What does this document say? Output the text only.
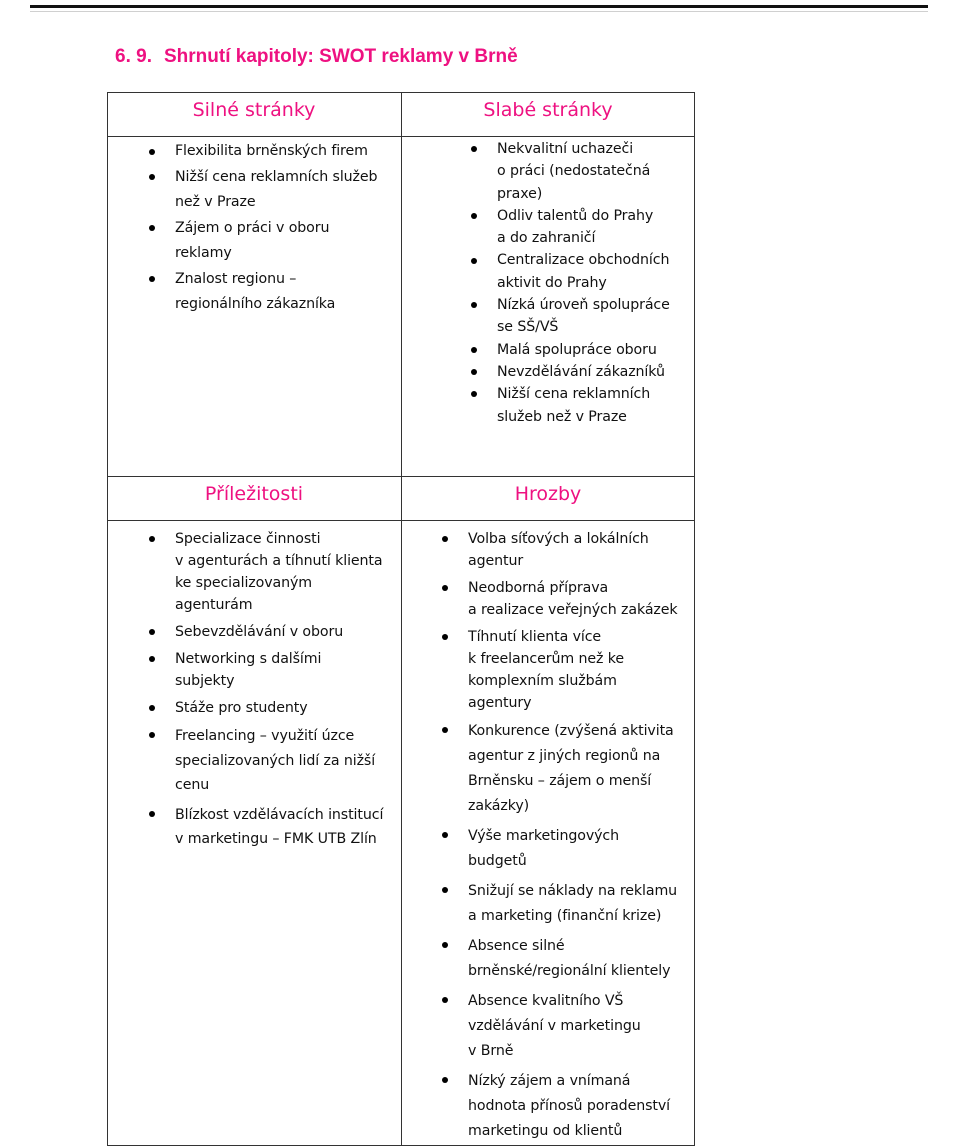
6. 9. Shrnutí kapitoly: SWOT reklamy v Brně
Silné stránky	Slabé stránky
Příležitosti	Hrozby
Flexibilita brněnských firem
Nižší cena reklamních služeb
než v Praze
Zájem o práci v oboru
reklamy
Znalost regionu –
regionálního zákazníka
Nekvalitní uchazeči
o práci (nedostatečná
praxe)
Odliv talentů do Prahy
a do zahraničí
Centralizace obchodních
aktivit do Prahy
Nízká úroveň spolupráce
se SŠ/VŠ
Malá spolupráce oboru
Nevzdělávání zákazníků
Nižší cena reklamních
služeb než v Praze
Specializace činnosti
v agenturách a tíhnutí klienta
ke specializovaným
agenturám
Sebevzdělávání v oboru
Networking s dalšími
subjekty
Stáže pro studenty
Freelancing – využití úzce
specializovaných lidí za nižší
cenu
Blízkost vzdělávacích institucí
v marketingu – FMK UTB Zlín
Volba síťových a lokálních
agentur
Neodborná příprava
a realizace veřejných zakázek
Tíhnutí klienta více
k freelancerům než ke
komplexním službám
agentury
Konkurence (zvýšená aktivita
agentur z jiných regionů na
Brněnsku – zájem o menší
zakázky)
Výše marketingových
budgetů
Snižují se náklady na reklamu
a marketing (finanční krize)
Absence silné
brněnské/regionální klientely
Absence kvalitního VŠ
vzdělávání v marketingu
v Brně
Nízký zájem a vnímaná
hodnota přínosů poradenství
marketingu od klientů
